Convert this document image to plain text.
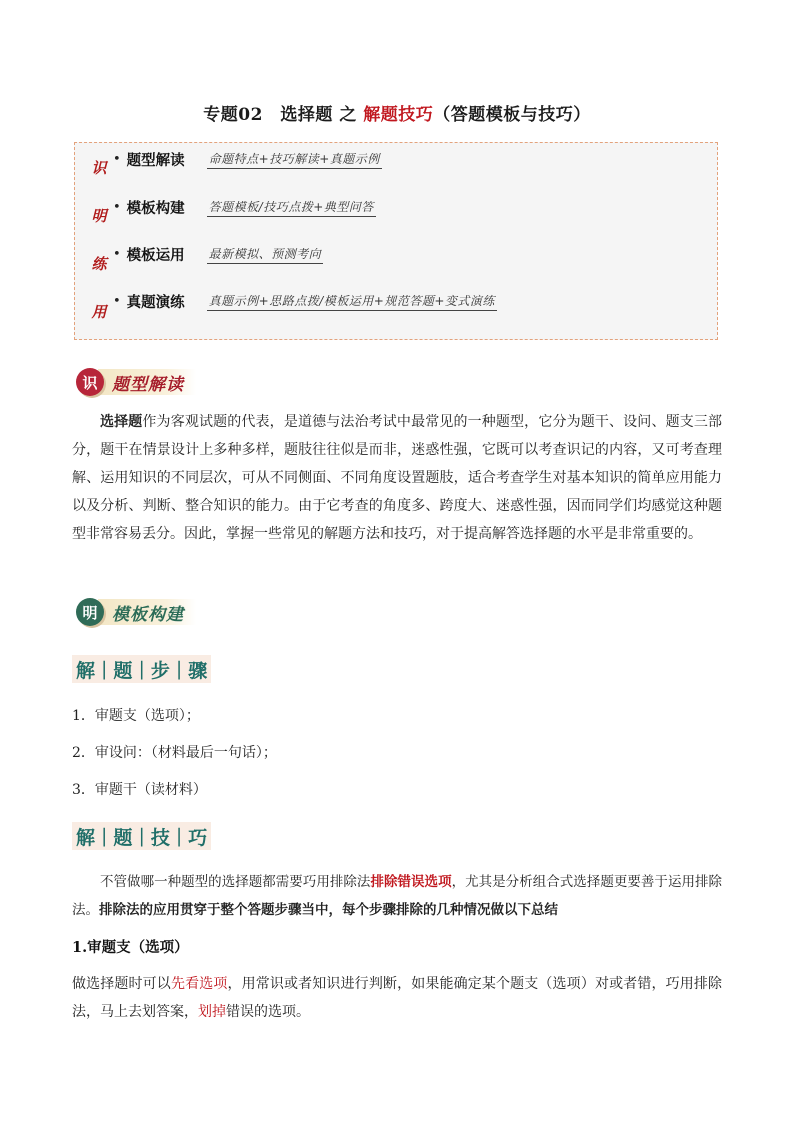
专题02　选择题 之 解题技巧（答题模板与技巧）
识
明
练
用
• 题型解读	命题特点+技巧解读+真题示例
• 模板构建	答题模板/技巧点拨+典型问答
• 模板运用	最新模拟、预测考向
• 真题演练	真题示例+思路点拨/模板运用+规范答题+变式演练
识 题型解读

选择题作为客观试题的代表，是道德与法治考试中最常见的一种题型，它分为题干、设问、题支三部分，题干在情景设计上多种多样，题肢往往似是而非，迷惑性强，它既可以考查识记的内容，又可考查理解、运用知识的不同层次，可从不同侧面、不同角度设置题肢，适合考查学生对基本知识的简单应用能力以及分析、判断、整合知识的能力。由于它考查的角度多、跨度大、迷惑性强，因而同学们均感觉这种题型非常容易丢分。因此，掌握一些常见的解题方法和技巧，对于提高解答选择题的水平是非常重要的。

明 模板构建
解 | 题 | 步 | 骤
1．审题支（选项）；
2．审设问：（材料最后一句话）；
3．审题干（读材料）
解 | 题 | 技 | 巧

不管做哪一种题型的选择题都需要巧用排除法排除错误选项，尤其是分析组合式选择题更要善于运用排除法。排除法的应用贯穿于整个答题步骤当中，每个步骤排除的几种情况做以下总结

1.审题支（选项）

做选择题时可以先看选项，用常识或者知识进行判断，如果能确定某个题支（选项）对或者错，巧用排除法，马上去划答案，划掉错误的选项。
